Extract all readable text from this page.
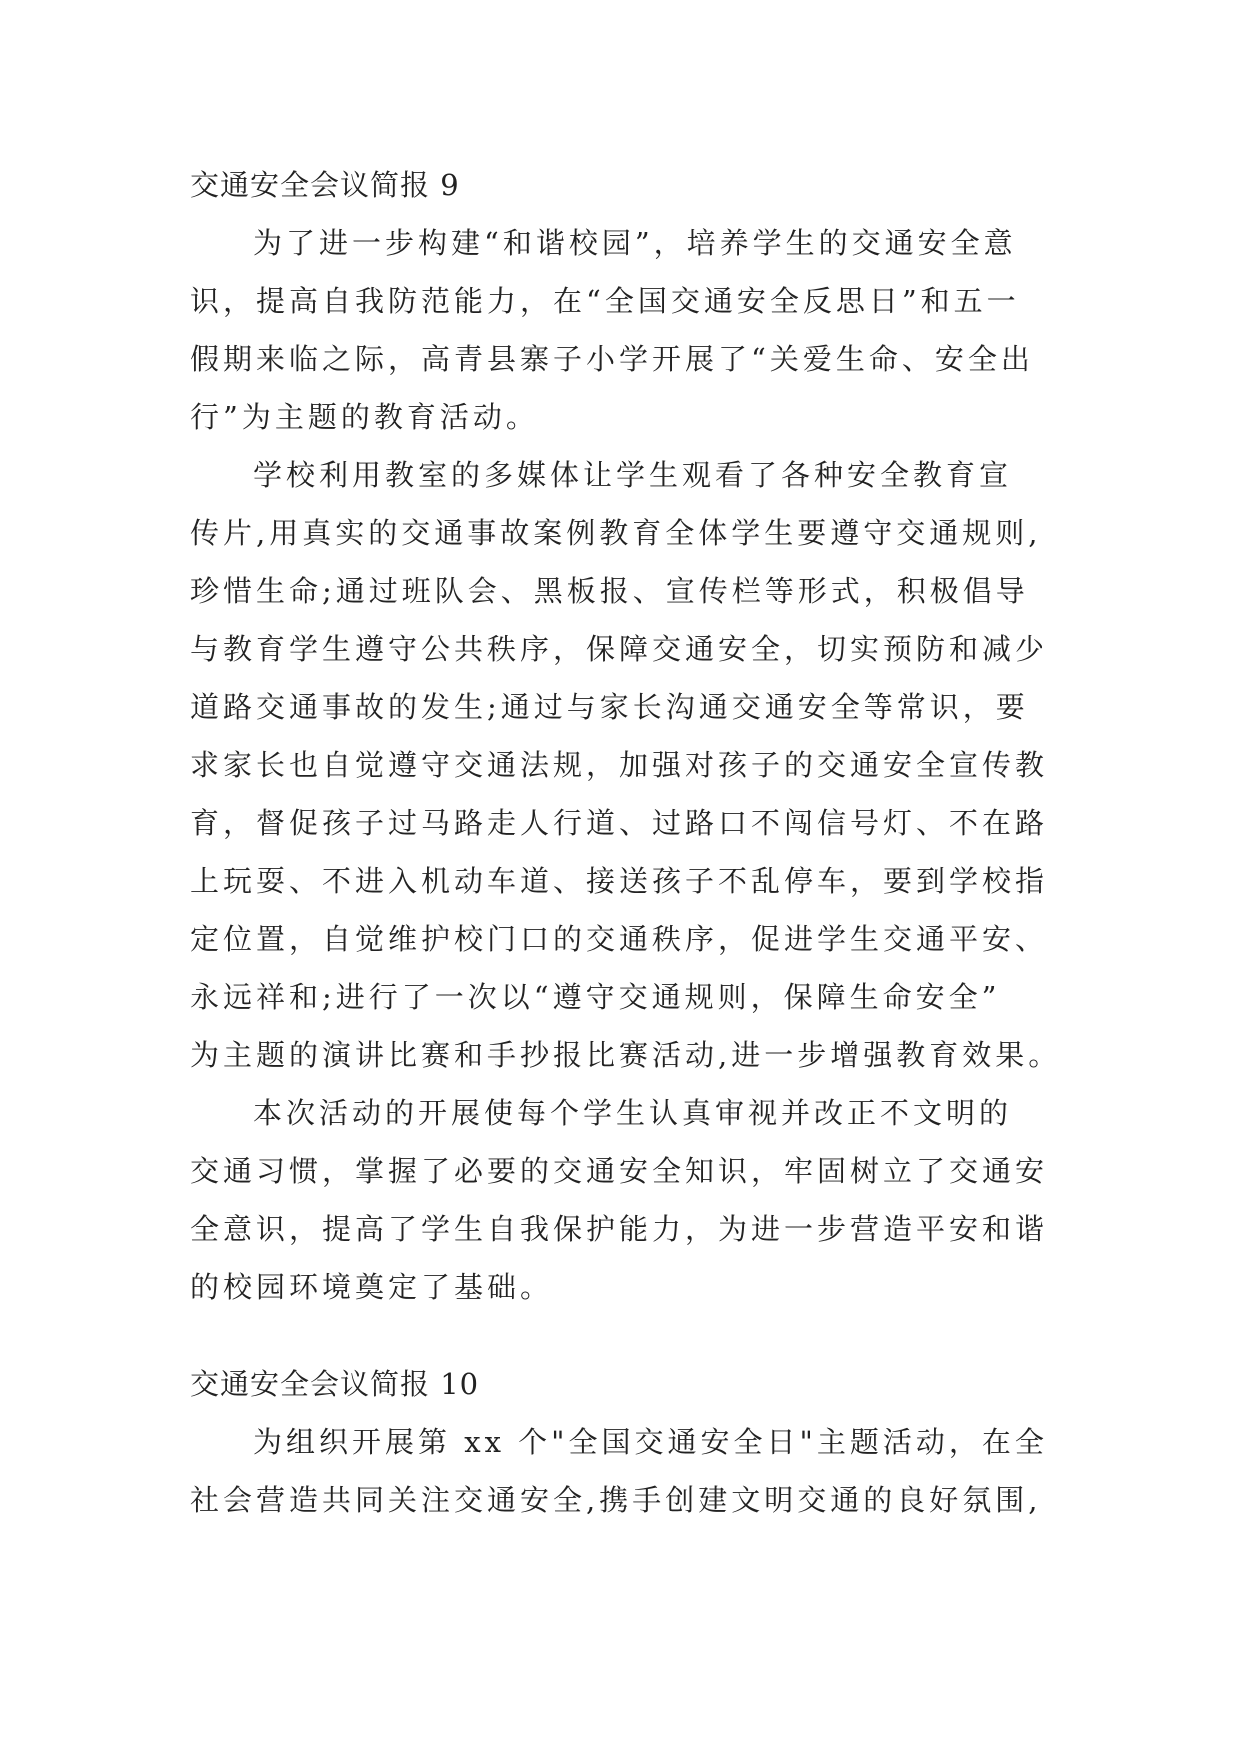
交通安全会议简报 9
为了进一步构建“和谐校园”，培养学生的交通安全意
识，提高自我防范能力，在“全国交通安全反思日”和五一
假期来临之际，高青县寨子小学开展了“关爱生命、安全出
行”为主题的教育活动。
学校利用教室的多媒体让学生观看了各种安全教育宣
传片,用真实的交通事故案例教育全体学生要遵守交通规则,
珍惜生命;通过班队会、黑板报、宣传栏等形式，积极倡导
与教育学生遵守公共秩序，保障交通安全，切实预防和减少
道路交通事故的发生;通过与家长沟通交通安全等常识，要
求家长也自觉遵守交通法规，加强对孩子的交通安全宣传教
育，督促孩子过马路走人行道、过路口不闯信号灯、不在路
上玩耍、不进入机动车道、接送孩子不乱停车，要到学校指
定位置，自觉维护校门口的交通秩序，促进学生交通平安、
永远祥和;进行了一次以“遵守交通规则，保障生命安全”
为主题的演讲比赛和手抄报比赛活动,进一步增强教育效果。
本次活动的开展使每个学生认真审视并改正不文明的
交通习惯，掌握了必要的交通安全知识，牢固树立了交通安
全意识，提高了学生自我保护能力，为进一步营造平安和谐
的校园环境奠定了基础。
交通安全会议简报 10
为组织开展第 xx 个"全国交通安全日"主题活动，在全
社会营造共同关注交通安全,携手创建文明交通的良好氛围,
